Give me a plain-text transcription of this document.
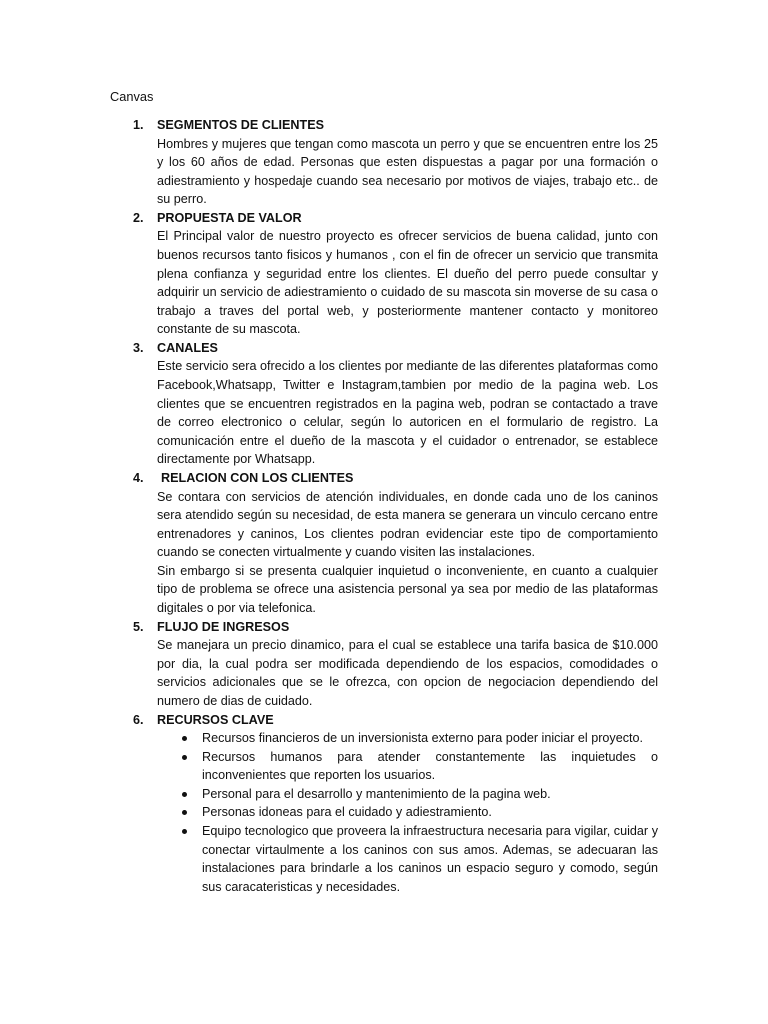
Canvas
1. SEGMENTOS DE CLIENTES
Hombres y mujeres que tengan como mascota un perro y que se encuentren entre los 25 y los 60 años de edad. Personas que esten dispuestas a pagar por una formación o adiestramiento y hospedaje cuando sea necesario por motivos de viajes, trabajo etc.. de su perro.
2. PROPUESTA DE VALOR
El Principal valor de nuestro proyecto es ofrecer servicios de buena calidad, junto con buenos recursos tanto fisicos y humanos , con el fin de ofrecer un servicio que transmita plena confianza y seguridad entre los clientes. El dueño del perro puede consultar y adquirir un servicio de adiestramiento o cuidado de su mascota sin moverse de su casa o trabajo a traves del portal web, y posteriormente mantener contacto y monitoreo constante de su mascota.
3. CANALES
Este servicio sera ofrecido a los clientes por mediante de las diferentes plataformas como Facebook,Whatsapp, Twitter e Instagram,tambien por medio de la pagina web. Los clientes que se encuentren registrados en la pagina web, podran se contactado a trave de correo electronico o celular, según lo autoricen en el formulario de registro. La comunicación entre el dueño de la mascota y el cuidador o entrenador, se establece directamente por Whatsapp.
4. RELACION CON LOS CLIENTES
Se contara con servicios de atención individuales, en donde cada uno de los caninos sera atendido según su necesidad, de esta manera se generara un vinculo cercano entre entrenadores y caninos, Los clientes podran evidenciar este tipo de comportamiento cuando se conecten virtualmente y cuando visiten las instalaciones.
Sin embargo si se presenta cualquier inquietud o inconveniente, en cuanto a cualquier tipo de problema se ofrece una asistencia personal ya sea por medio de las plataformas digitales o por via telefonica.
5. FLUJO DE INGRESOS
Se manejara un precio dinamico, para el cual se establece una tarifa basica de $10.000 por dia, la cual podra ser modificada dependiendo de los espacios, comodidades o servicios adicionales que se le ofrezca, con opcion de negociacion dependiendo del numero de dias de cuidado.
6. RECURSOS CLAVE
Recursos financieros de un inversionista externo para poder iniciar el proyecto.
Recursos humanos para atender constantemente las inquietudes o inconvenientes que reporten los usuarios.
Personal para el desarrollo y mantenimiento de la pagina web.
Personas idoneas para el cuidado y adiestramiento.
Equipo tecnologico que proveera la infraestructura necesaria para vigilar, cuidar y conectar virtaulmente a los caninos con sus amos. Ademas, se adecuaran las instalaciones para brindarle a los caninos un espacio seguro y comodo, según sus caracateristicas y necesidades.
